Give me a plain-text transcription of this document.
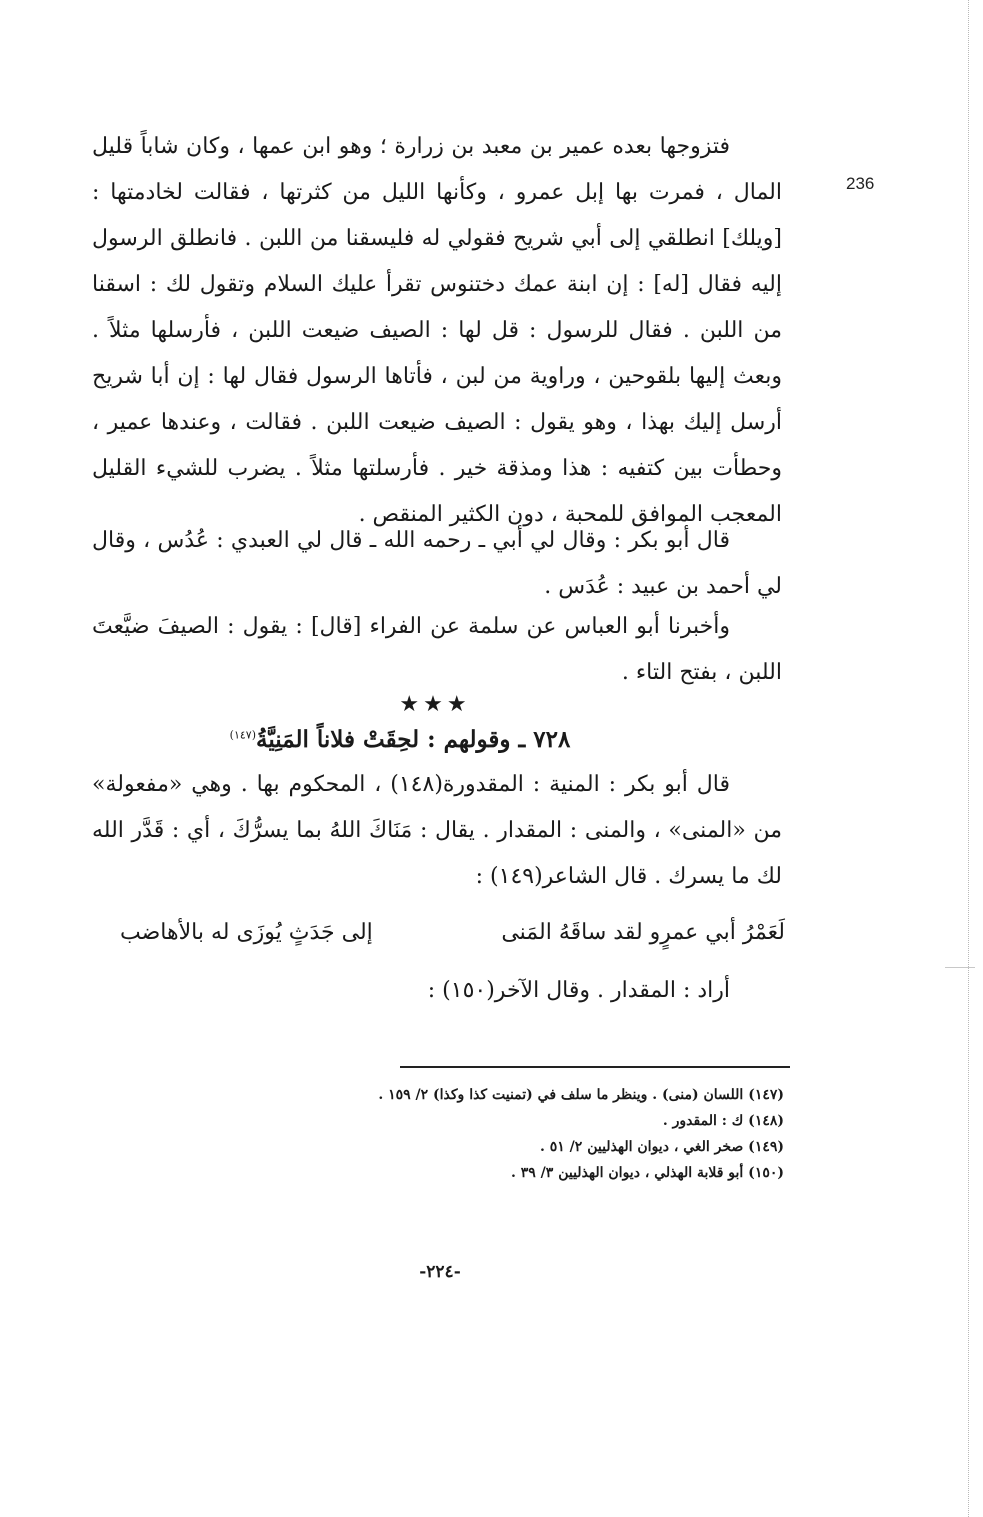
236

فتزوجها بعده عمير بن معبد بن زرارة ؛ وهو ابن عمها ، وكان شاباً قليل المال ، فمرت بها إبل عمرو ، وكأنها الليل من كثرتها ، فقالت لخادمتها : [ويلك] انطلقي إلى أبي شريح فقولي له فليسقنا من اللبن . فانطلق الرسول إليه فقال [له] : إن ابنة عمك دختنوس تقرأ عليك السلام وتقول لك : اسقنا من اللبن . فقال للرسول : قل لها : الصيف ضيعت اللبن ، فأرسلها مثلاً . وبعث إليها بلقوحين ، وراوية من لبن ، فأتاها الرسول فقال لها : إن أبا شريح أرسل إليك بهذا ، وهو يقول : الصيف ضيعت اللبن . فقالت ، وعندها عمير ، وحطأت بين كتفيه : هذا ومذقة خير . فأرسلتها مثلاً . يضرب للشيء القليل المعجب الموافق للمحبة ، دون الكثير المنقص .

قال أبو بكر : وقال لي أبي ـ رحمه الله ـ قال لي العبدي : عُدُس ، وقال لي أحمد بن عبيد : عُدَس .

وأخبرنا أبو العباس عن سلمة عن الفراء [قال] : يقول : الصيفَ ضيَّعتَ اللبن ، بفتح التاء .

★★★
٧٢٨ ـ وقولهم : لحِقَتْ فلاناً المَنِيَّةُ$^{(١٤٧)}$

قال أبو بكر : المنية : المقدورة(١٤٨) ، المحكوم بها . وهي «مفعولة» من «المنى» ، والمنى : المقدار . يقال : مَنَاكَ اللهُ بما يسرُّكَ ، أي : قَدَّر الله لك ما يسرك . قال الشاعر(١٤٩) :

لَعَمْرُ أبي عمرٍو لقد ساقَهُ المَنى
إلى جَدَثٍ يُوزَى له بالأهاضب

أراد : المقدار . وقال الآخر(١٥٠) :

(١٤٧) اللسان (منى) . وينظر ما سلف في (تمنيت كذا وكذا) ٢/ ١٥٩ .
(١٤٨) ك : المقدور .
(١٤٩) صخر الغي ، ديوان الهذليين ٢/ ٥١ .
(١٥٠) أبو قلابة الهذلي ، ديوان الهذليين ٣/ ٣٩ .
-٢٢٤-
